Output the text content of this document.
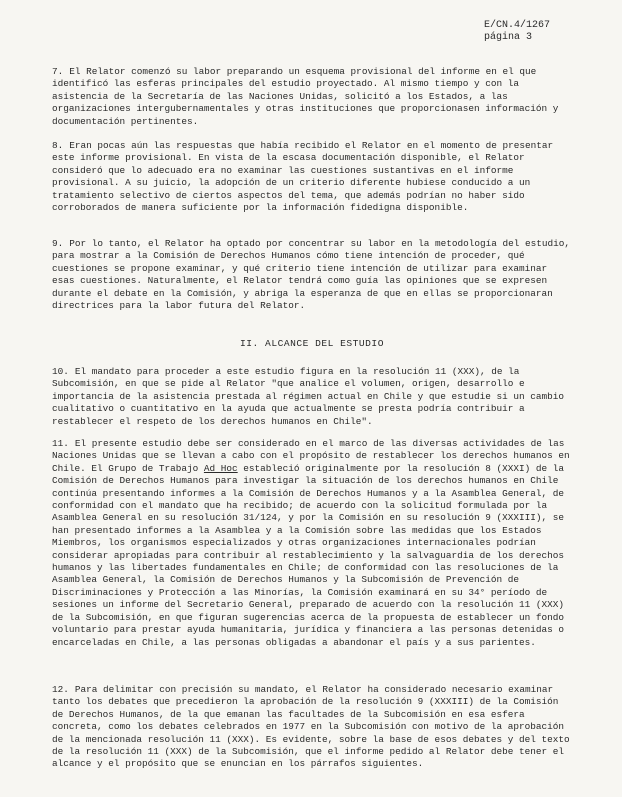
E/CN.4/1267
página 3

7. El Relator comenzó su labor preparando un esquema provisional del informe en el que identificó las esferas principales del estudio proyectado. Al mismo tiempo y con la asistencia de la Secretaría de las Naciones Unidas, solicitó a los Estados, a las organizaciones intergubernamentales y otras instituciones que proporcionasen información y documentación pertinentes.

8. Eran pocas aún las respuestas que había recibido el Relator en el momento de presentar este informe provisional. En vista de la escasa documentación disponible, el Relator consideró que lo adecuado era no examinar las cuestiones sustantivas en el informe provisional. A su juicio, la adopción de un criterio diferente hubiese conducido a un tratamiento selectivo de ciertos aspectos del tema, que además podrían no haber sido corroborados de manera suficiente por la información fidedigna disponible.

9. Por lo tanto, el Relator ha optado por concentrar su labor en la metodología del estudio, para mostrar a la Comisión de Derechos Humanos cómo tiene intención de proceder, qué cuestiones se propone examinar, y qué criterio tiene intención de utilizar para examinar esas cuestiones. Naturalmente, el Relator tendrá como guía las opiniones que se expresen durante el debate en la Comisión, y abriga la esperanza de que en ellas se proporcionaran directrices para la labor futura del Relator.

II. ALCANCE DEL ESTUDIO

10. El mandato para proceder a este estudio figura en la resolución 11 (XXX), de la Subcomisión, en que se pide al Relator "que analice el volumen, origen, desarrollo e importancia de la asistencia prestada al régimen actual en Chile y que estudie si un cambio cualitativo o cuantitativo en la ayuda que actualmente se presta podría contribuir a restablecer el respeto de los derechos humanos en Chile".

11. El presente estudio debe ser considerado en el marco de las diversas actividades de las Naciones Unidas que se llevan a cabo con el propósito de restablecer los derechos humanos en Chile. El Grupo de Trabajo Ad Hoc estableció originalmente por la resolución 8 (XXXI) de la Comisión de Derechos Humanos para investigar la situación de los derechos humanos en Chile continúa presentando informes a la Comisión de Derechos Humanos y a la Asamblea General, de conformidad con el mandato que ha recibido; de acuerdo con la solicitud formulada por la Asamblea General en su resolución 31/124, y por la Comisión en su resolución 9 (XXXIII), se han presentado informes a la Asamblea y a la Comisión sobre las medidas que los Estados Miembros, los organismos especializados y otras organizaciones internacionales podrían considerar apropiadas para contribuir al restablecimiento y la salvaguardia de los derechos humanos y las libertades fundamentales en Chile; de conformidad con las resoluciones de la Asamblea General, la Comisión de Derechos Humanos y la Subcomisión de Prevención de Discriminaciones y Protección a las Minorías, la Comisión examinará en su 34° período de sesiones un informe del Secretario General, preparado de acuerdo con la resolución 11 (XXX) de la Subcomisión, en que figuran sugerencias acerca de la propuesta de establecer un fondo voluntario para prestar ayuda humanitaria, jurídica y financiera a las personas detenidas o encarceladas en Chile, a las personas obligadas a abandonar el país y a sus parientes.

12. Para delimitar con precisión su mandato, el Relator ha considerado necesario examinar tanto los debates que precedieron la aprobación de la resolución 9 (XXXIII) de la Comisión de Derechos Humanos, de la que emanan las facultades de la Subcomisión en esa esfera concreta, como los debates celebrados en 1977 en la Subcomisión con motivo de la aprobación de la mencionada resolución 11 (XXX). Es evidente, sobre la base de esos debates y del texto de la resolución 11 (XXX) de la Subcomisión, que el informe pedido al Relator debe tener el alcance y el propósito que se enuncian en los párrafos siguientes.
